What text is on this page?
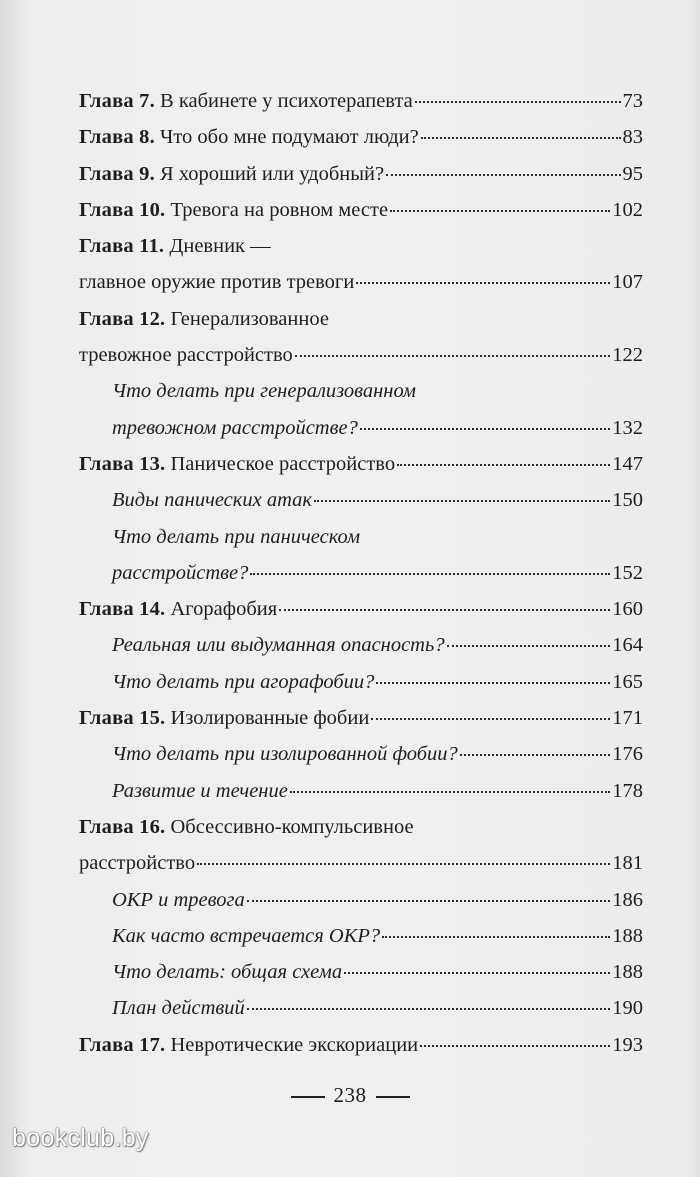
Глава 7. В кабинете у психотерапевта	73
Глава 8. Что обо мне подумают люди?	83
Глава 9. Я хороший или удобный?	95
Глава 10. Тревога на ровном месте	102
Глава 11. Дневник —
главное оружие против тревоги	107
Глава 12. Генерализованное
тревожное расстройство	122
Что делать при генерализованном
тревожном расстройстве?	132
Глава 13. Паническое расстройство	147
Виды панических атак	150
Что делать при паническом
расстройстве?	152
Глава 14. Агорафобия	160
Реальная или выдуманная опасность?	164
Что делать при агорафобии?	165
Глава 15. Изолированные фобии	171
Что делать при изолированной фобии?	176
Развитие и течение	178
Глава 16. Обсессивно-компульсивное
расстройство	181
ОКР и тревога	186
Как часто встречается ОКР?	188
Что делать: общая схема	188
План действий	190
Глава 17. Невротические экскориации	193
238
bookclub.by
